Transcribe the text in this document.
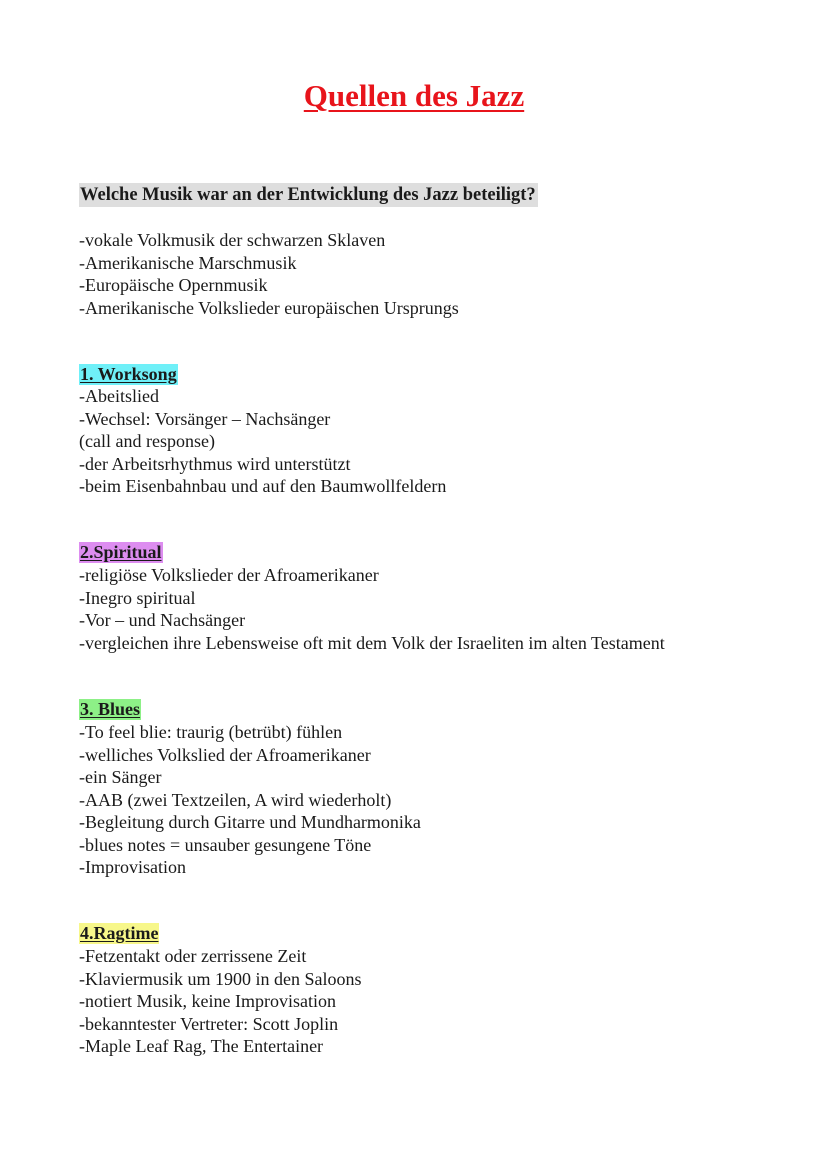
Quellen des Jazz

Welche Musik war an der Entwicklung des Jazz beteiligt?

-vokale Volkmusik der schwarzen Sklaven
-Amerikanische Marschmusik
-Europäische Opernmusik
-Amerikanische Volkslieder europäischen Ursprungs

1. Worksong

-Abeitslied
-Wechsel: Vorsänger – Nachsänger
(call and response)
-der Arbeitsrhythmus wird unterstützt
-beim Eisenbahnbau und auf den Baumwollfeldern

2.Spiritual

-religiöse Volkslieder der Afroamerikaner
-Inegro spiritual
-Vor – und Nachsänger
-vergleichen ihre Lebensweise oft mit dem Volk der Israeliten im alten Testament

3. Blues

-To feel blie: traurig (betrübt) fühlen
-welliches Volkslied der Afroamerikaner
-ein Sänger
-AAB (zwei Textzeilen, A wird wiederholt)
-Begleitung durch Gitarre und Mundharmonika
-blues notes = unsauber gesungene Töne
-Improvisation

4.Ragtime

-Fetzentakt oder zerrissene Zeit
-Klaviermusik um 1900 in den Saloons
-notiert Musik, keine Improvisation
-bekanntester Vertreter: Scott Joplin
-Maple Leaf Rag, The Entertainer
